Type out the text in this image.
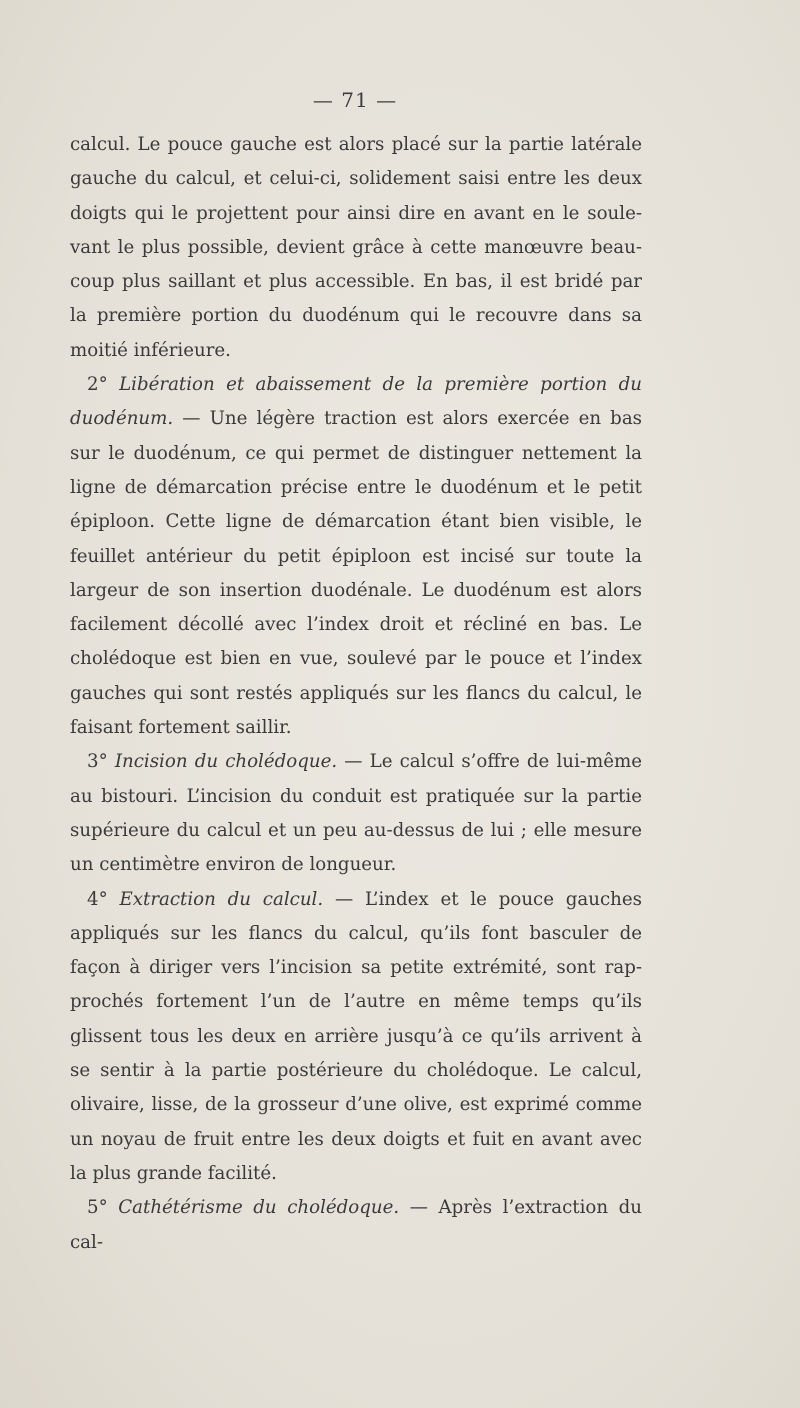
— 71 —

calcul. Le pouce gauche est alors placé sur la partie latérale gauche du calcul, et celui-ci, solidement saisi entre les deux doigts qui le projettent pour ainsi dire en avant en le soulevant le plus possible, devient grâce à cette manœuvre beaucoup plus saillant et plus accessible. En bas, il est bridé par la première portion du duodénum qui le recouvre dans sa moitié inférieure.

2° Libération et abaissement de la première portion du duodénum. — Une légère traction est alors exercée en bas sur le duodénum, ce qui permet de distinguer nettement la ligne de démarcation précise entre le duodénum et le petit épiploon. Cette ligne de démarcation étant bien visible, le feuillet antérieur du petit épiploon est incisé sur toute la largeur de son insertion duodénale. Le duodénum est alors facilement décollé avec l’index droit et récliné en bas. Le cholédoque est bien en vue, soulevé par le pouce et l’index gauches qui sont restés appliqués sur les flancs du calcul, le faisant fortement saillir.

3° Incision du cholédoque. — Le calcul s’offre de lui-même au bistouri. L’incision du conduit est pratiquée sur la partie supérieure du calcul et un peu au-dessus de lui ; elle mesure un centimètre environ de longueur.

4° Extraction du calcul. — L’index et le pouce gauches appliqués sur les flancs du calcul, qu’ils font basculer de façon à diriger vers l’incision sa petite extrémité, sont rapprochés fortement l’un de l’autre en même temps qu’ils glissent tous les deux en arrière jusqu’à ce qu’ils arrivent à se sentir à la partie postérieure du cholédoque. Le calcul, olivaire, lisse, de la grosseur d’une olive, est exprimé comme un noyau de fruit entre les deux doigts et fuit en avant avec la plus grande facilité.

5° Cathétérisme du cholédoque. — Après l’extraction du cal-
